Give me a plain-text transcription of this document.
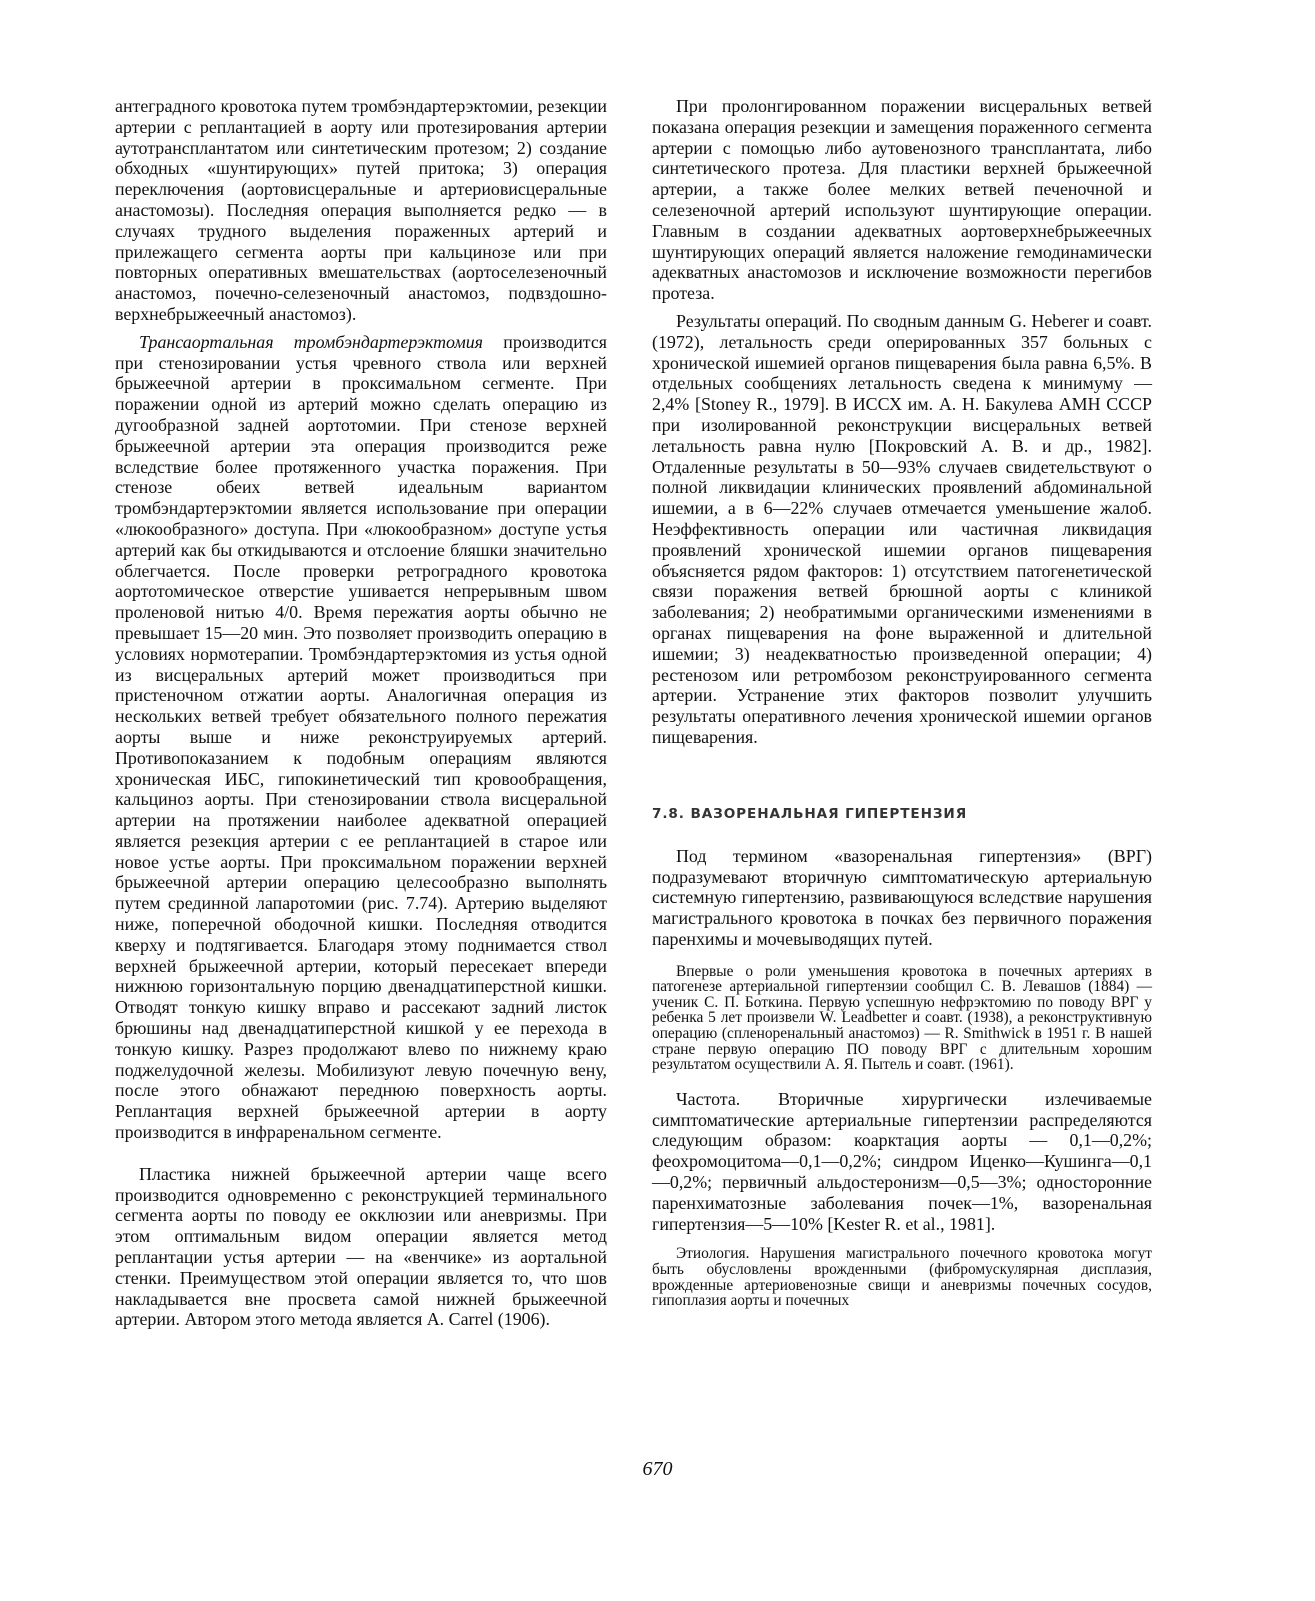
антеградного кровотока путем тромбэндартерэктомии, резекции артерии с реплантацией в аорту или протезирования артерии аутотрансплантатом или синтетическим протезом; 2) создание обходных «шунтирующих» путей притока; 3) операция переключения (аортовисцеральные и артериовисцеральные анастомозы). Последняя операция выполняется редко — в случаях трудного выделения пораженных артерий и прилежащего сегмента аорты при кальцинозе или при повторных оперативных вмешательствах (аортоселезеночный анастомоз, почечно-селезеночный анастомоз, подвздошно-верхнебрыжеечный анастомоз).

Трансаортальная тромбэндартерэктомия производится при стенозировании устья чревного ствола или верхней брыжеечной артерии в проксимальном сегменте. При поражении одной из артерий можно сделать операцию из дугообразной задней аортотомии. При стенозе верхней брыжеечной артерии эта операция производится реже вследствие более протяженного участка поражения. При стенозе обеих ветвей идеальным вариантом тромбэндартерэктомии является использование при операции «люкообразного» доступа. При «люкообразном» доступе устья артерий как бы откидываются и отслоение бляшки значительно облегчается. После проверки ретроградного кровотока аортотомическое отверстие ушивается непрерывным швом проленовой нитью 4/0. Время пережатия аорты обычно не превышает 15—20 мин. Это позволяет производить операцию в условиях нормотерапии. Тромбэндартерэктомия из устья одной из висцеральных артерий может производиться при пристеночном отжатии аорты. Аналогичная операция из нескольких ветвей требует обязательного полного пережатия аорты выше и ниже реконструируемых артерий. Противопоказанием к подобным операциям являются хроническая ИБС, гипокинетический тип кровообращения, кальциноз аорты. При стенозировании ствола висцеральной артерии на протяжении наиболее адекватной операцией является резекция артерии с ее реплантацией в старое или новое устье аорты. При проксимальном поражении верхней брыжеечной артерии операцию целесообразно выполнять путем срединной лапаротомии (рис. 7.74). Артерию выделяют ниже, поперечной ободочной кишки. Последняя отводится кверху и подтягивается. Благодаря этому поднимается ствол верхней брыжеечной артерии, который пересекает впереди нижнюю горизонтальную порцию двенадцатиперстной кишки. Отводят тонкую кишку вправо и рассекают задний листок брюшины над двенадцатиперстной кишкой у ее перехода в тонкую кишку. Разрез продолжают влево по нижнему краю поджелудочной железы. Мобилизуют левую почечную вену, после этого обнажают переднюю поверхность аорты. Реплантация верхней брыжеечной артерии в аорту производится в инфраренальном сегменте.

Пластика нижней брыжеечной артерии чаще всего производится одновременно с реконструкцией терминального сегмента аорты по поводу ее окклюзии или аневризмы. При этом оптимальным видом операции является метод реплантации устья артерии — на «венчике» из аортальной стенки. Преимуществом этой операции является то, что шов накладывается вне просвета самой нижней брыжеечной артерии. Автором этого метода является A. Carrel (1906).

При пролонгированном поражении висцеральных ветвей показана операция резекции и замещения пораженного сегмента артерии с помощью либо аутовенозного трансплантата, либо синтетического протеза. Для пластики верхней брыжеечной артерии, а также более мелких ветвей печеночной и селезеночной артерий используют шунтирующие операции. Главным в создании адекватных аортоверхнебрыжеечных шунтирующих операций является наложение гемодинамически адекватных анастомозов и исключение возможности перегибов протеза.

Результаты операций. По сводным данным G. Heberer и соавт. (1972), летальность среди оперированных 357 больных с хронической ишемией органов пищеварения была равна 6,5%. В отдельных сообщениях летальность сведена к минимуму — 2,4% [Stoney R., 1979]. В ИССХ им. А. Н. Бакулева АМН СССР при изолированной реконструкции висцеральных ветвей летальность равна нулю [Покровский А. В. и др., 1982]. Отдаленные результаты в 50—93% случаев свидетельствуют о полной ликвидации клинических проявлений абдоминальной ишемии, а в 6—22% случаев отмечается уменьшение жалоб. Неэффективность операции или частичная ликвидация проявлений хронической ишемии органов пищеварения объясняется рядом факторов: 1) отсутствием патогенетической связи поражения ветвей брюшной аорты с клиникой заболевания; 2) необратимыми органическими изменениями в органах пищеварения на фоне выраженной и длительной ишемии; 3) неадекватностью произведенной операции; 4) рестенозом или ретромбозом реконструированного сегмента артерии. Устранение этих факторов позволит улучшить результаты оперативного лечения хронической ишемии органов пищеварения.

7.8. ВАЗОРЕНАЛЬНАЯ ГИПЕРТЕНЗИЯ

Под термином «вазоренальная гипертензия» (ВРГ) подразумевают вторичную симптоматическую артериальную системную гипертензию, развивающуюся вследствие нарушения магистрального кровотока в почках без первичного поражения паренхимы и мочевыводящих путей.

Впервые о роли уменьшения кровотока в почечных артериях в патогенезе артериальной гипертензии сообщил С. В. Левашов (1884) — ученик С. П. Боткина. Первую успешную нефрэктомию по поводу ВРГ у ребенка 5 лет произвели W. Leadbetter и соавт. (1938), а реконструктивную операцию (спленоренальный анастомоз) — R. Smithwick в 1951 г. В нашей стране первую операцию ПО поводу ВРГ с длительным хорошим результатом осуществили А. Я. Пытель и соавт. (1961).

Частота. Вторичные хирургически излечиваемые симптоматические артериальные гипертензии распределяются следующим образом: коарктация аорты — 0,1—0,2%; феохромоцитома—0,1—0,2%; синдром Иценко—Кушинга—0,1—0,2%; первичный альдостеронизм—0,5—3%; односторонние паренхиматозные заболевания почек—1%, вазоренальная гипертензия—5—10% [Kester R. et al., 1981].

Этиология. Нарушения магистрального почечного кровотока могут быть обусловлены врожденными (фибромускулярная дисплазия, врожденные артериовенозные свищи и аневризмы почечных сосудов, гипоплазия аорты и почечных

670
